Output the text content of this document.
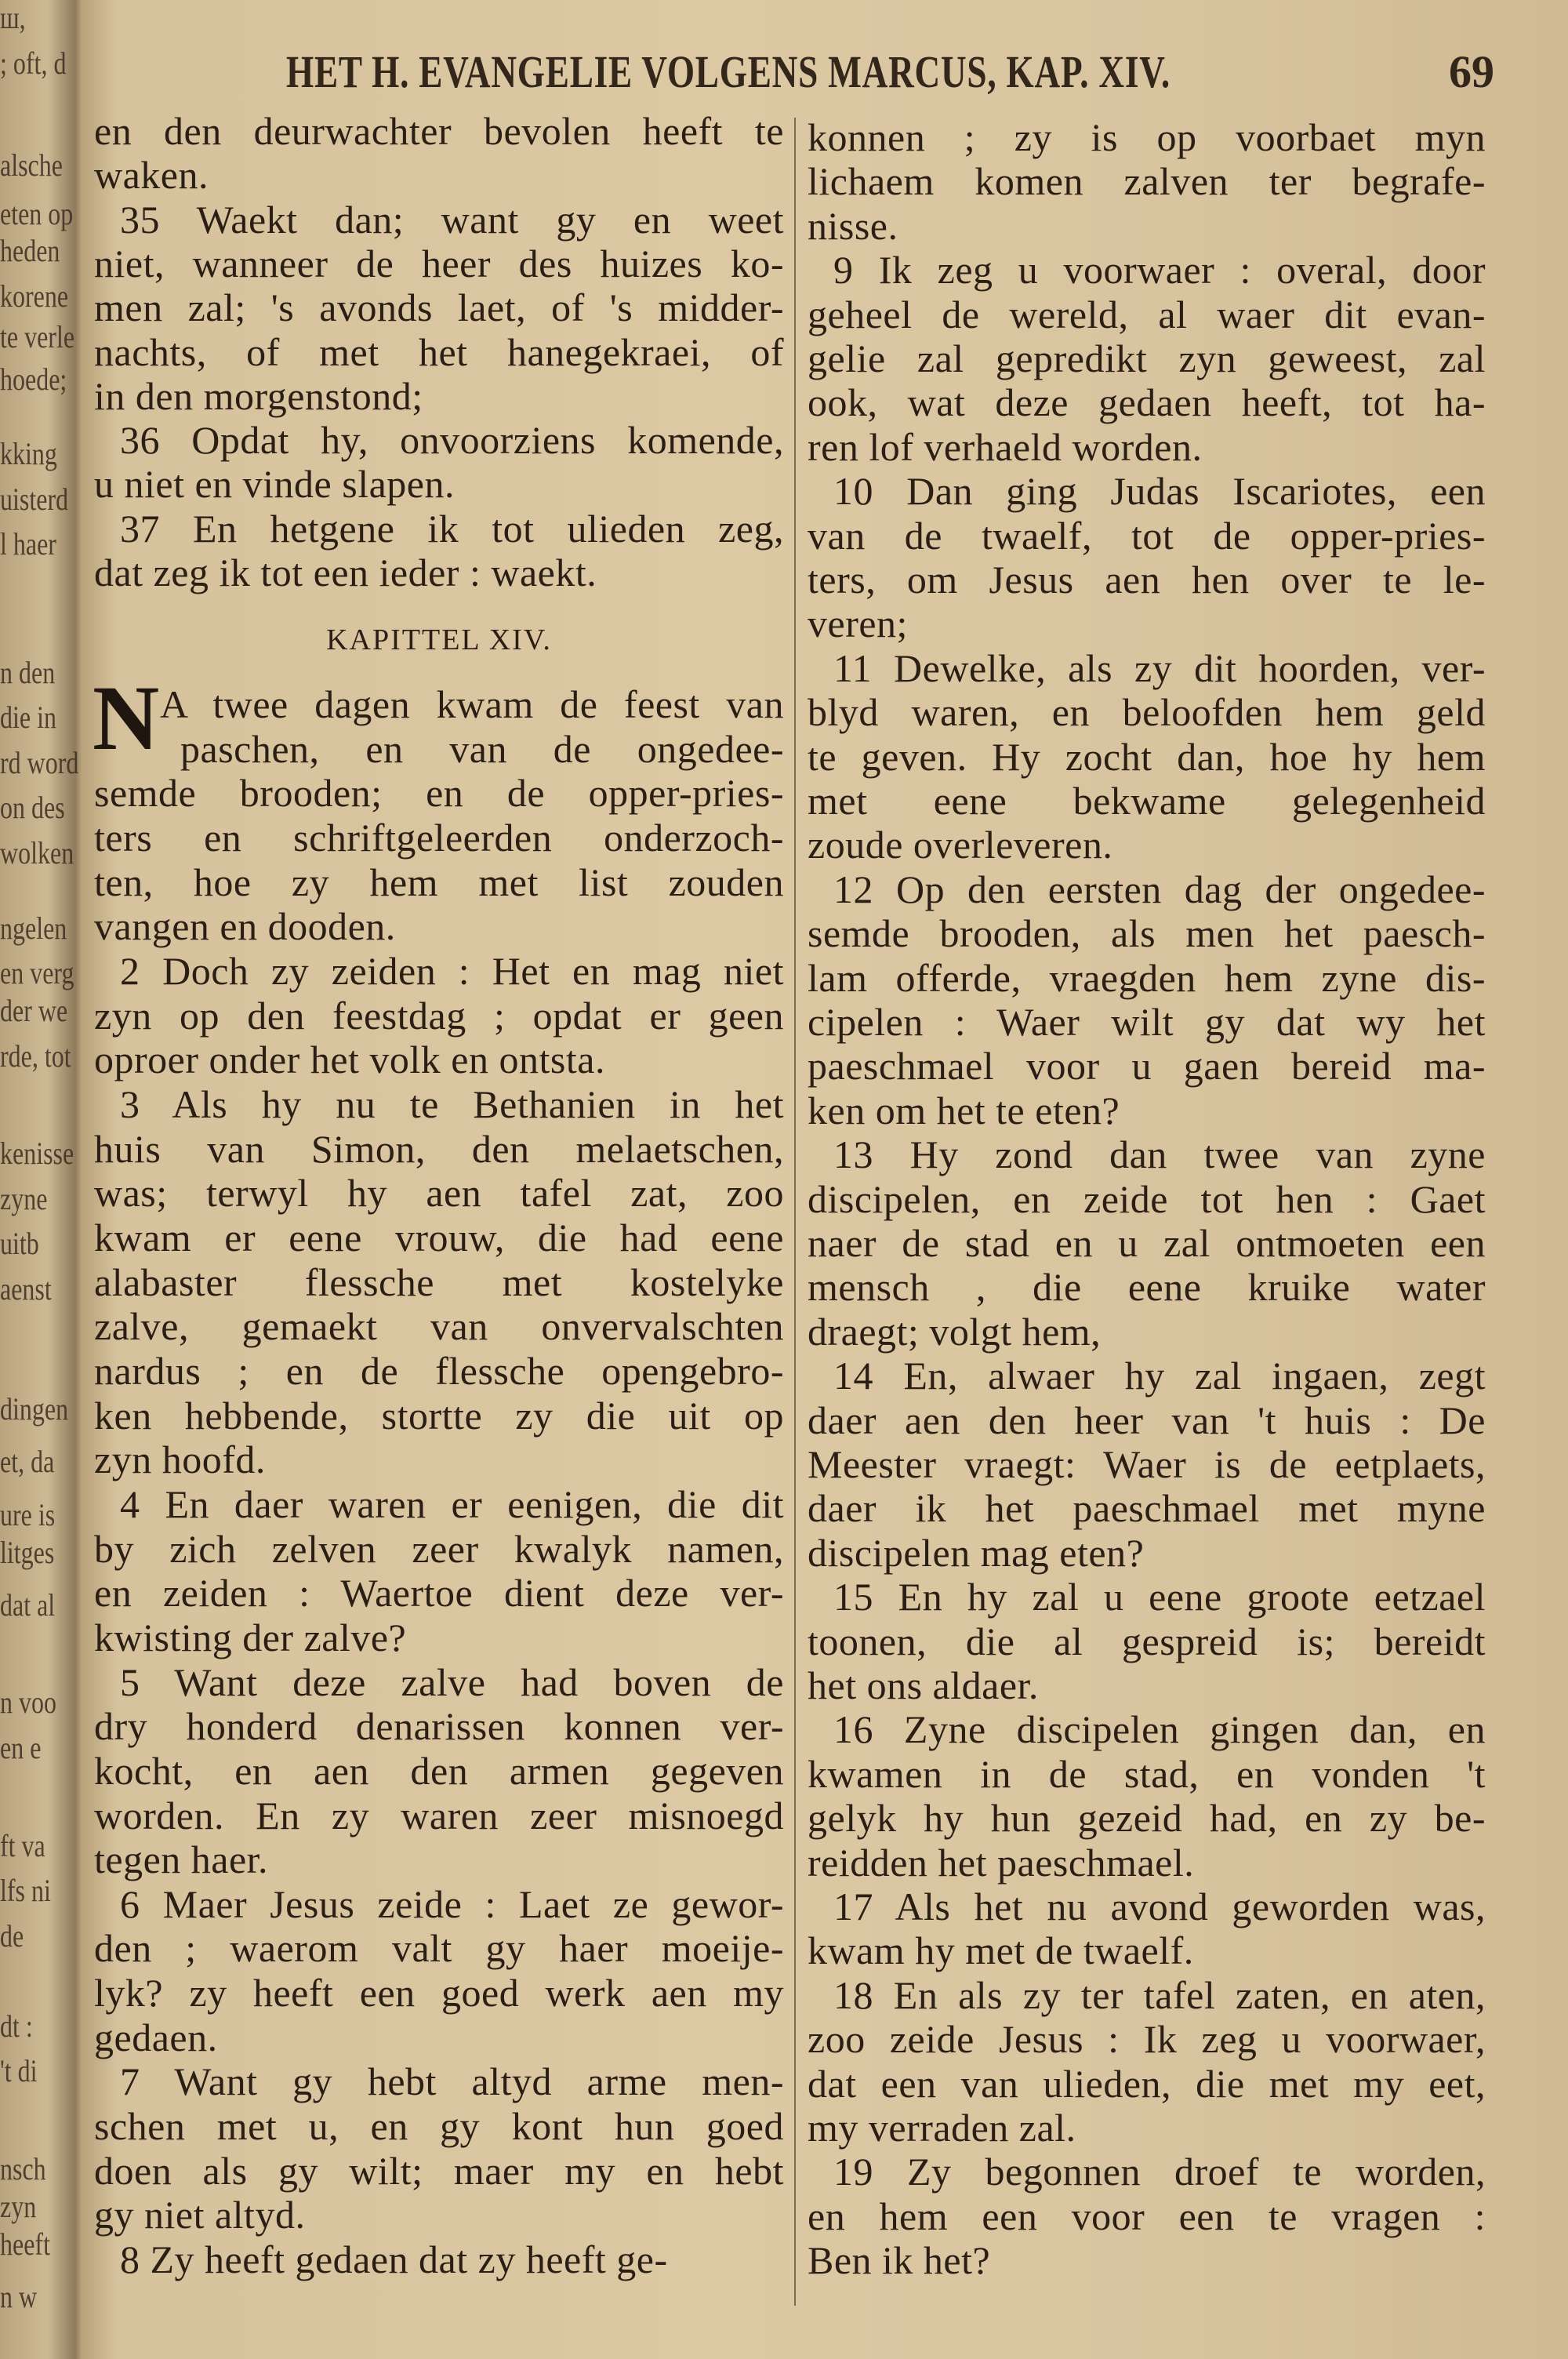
HET H. EVANGELIE VOLGENS MARCUS, KAP. XIV.	69
KAPITTEL XIV.
N
ш,
; oft, d
alsche
eten op
heden
korene
te verle
hoede;
kking
uisterd
l haer
n den
die in
rd word
on des
wolken
ngelen
en verg
der we
rde, tot
kenisse
zyne
uitb
aenst
dingen
et, da
ure is
litges
dat al
n voo
en e
ft va
lfs ni
de
dt :
't di
nsch
zyn
heeft
n w
en den deurwachter bevolen heeft te
waken.
35 Waekt dan; want gy en weet
niet, wanneer de heer des huizes ko-
men zal; 's avonds laet, of 's midder-
nachts, of met het hanegekraei, of
in den morgenstond;
36 Opdat hy, onvoorziens komende,
u niet en vinde slapen.
37 En hetgene ik tot ulieden zeg,
dat zeg ik tot een ieder : waekt.
A twee dagen kwam de feest van
paschen, en van de ongedee-
semde brooden; en de opper-pries-
ters en schriftgeleerden onderzoch-
ten, hoe zy hem met list zouden
vangen en dooden.
2 Doch zy zeiden : Het en mag niet
zyn op den feestdag ; opdat er geen
oproer onder het volk en ontsta.
3 Als hy nu te Bethanien in het
huis van Simon, den melaetschen,
was; terwyl hy aen tafel zat, zoo
kwam er eene vrouw, die had eene
alabaster flessche met kostelyke
zalve, gemaekt van onvervalschten
nardus ; en de flessche opengebro-
ken hebbende, stortte zy die uit op
zyn hoofd.
4 En daer waren er eenigen, die dit
by zich zelven zeer kwalyk namen,
en zeiden : Waertoe dient deze ver-
kwisting der zalve?
5 Want deze zalve had boven de
dry honderd denarissen konnen ver-
kocht, en aen den armen gegeven
worden. En zy waren zeer misnoegd
tegen haer.
6 Maer Jesus zeide : Laet ze gewor-
den ; waerom valt gy haer moeije-
lyk? zy heeft een goed werk aen my
gedaen.
7 Want gy hebt altyd arme men-
schen met u, en gy kont hun goed
doen als gy wilt; maer my en hebt
gy niet altyd.
8 Zy heeft gedaen dat zy heeft ge-
konnen ; zy is op voorbaet myn
lichaem komen zalven ter begrafe-
nisse.
9 Ik zeg u voorwaer : overal, door
geheel de wereld, al waer dit evan-
gelie zal gepredikt zyn geweest, zal
ook, wat deze gedaen heeft, tot ha-
ren lof verhaeld worden.
10 Dan ging Judas Iscariotes, een
van de twaelf, tot de opper-pries-
ters, om Jesus aen hen over te le-
veren;
11 Dewelke, als zy dit hoorden, ver-
blyd waren, en beloofden hem geld
te geven. Hy zocht dan, hoe hy hem
met eene bekwame gelegenheid
zoude overleveren.
12 Op den eersten dag der ongedee-
semde brooden, als men het paesch-
lam offerde, vraegden hem zyne dis-
cipelen : Waer wilt gy dat wy het
paeschmael voor u gaen bereid ma-
ken om het te eten?
13 Hy zond dan twee van zyne
discipelen, en zeide tot hen : Gaet
naer de stad en u zal ontmoeten een
mensch , die eene kruike water
draegt; volgt hem,
14 En, alwaer hy zal ingaen, zegt
daer aen den heer van 't huis : De
Meester vraegt: Waer is de eetplaets,
daer ik het paeschmael met myne
discipelen mag eten?
15 En hy zal u eene groote eetzael
toonen, die al gespreid is; bereidt
het ons aldaer.
16 Zyne discipelen gingen dan, en
kwamen in de stad, en vonden 't
gelyk hy hun gezeid had, en zy be-
reidden het paeschmael.
17 Als het nu avond geworden was,
kwam hy met de twaelf.
18 En als zy ter tafel zaten, en aten,
zoo zeide Jesus : Ik zeg u voorwaer,
dat een van ulieden, die met my eet,
my verraden zal.
19 Zy begonnen droef te worden,
en hem een voor een te vragen :
Ben ik het?
